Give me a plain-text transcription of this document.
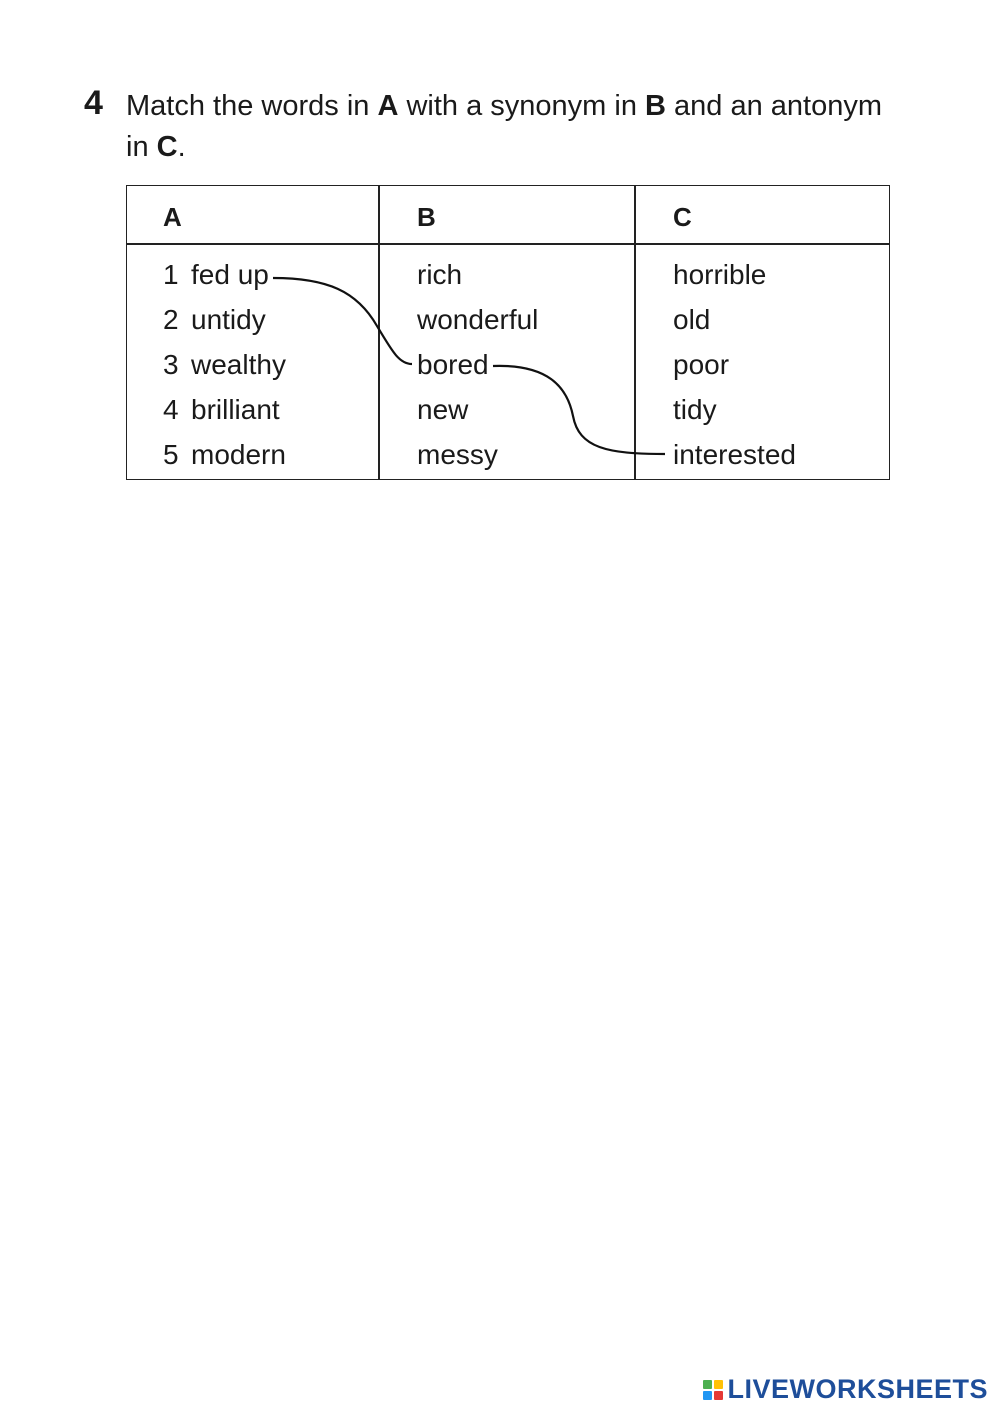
4 Match the words in A with a synonym in B and an antonym
in C.
A	B	C
1 fed up
2 untidy
3 wealthy
4 brilliant
5 modern
rich
wonderful
bored
new
messy
horrible
old
poor
tidy
interested
LIVEWORKSHEETS
